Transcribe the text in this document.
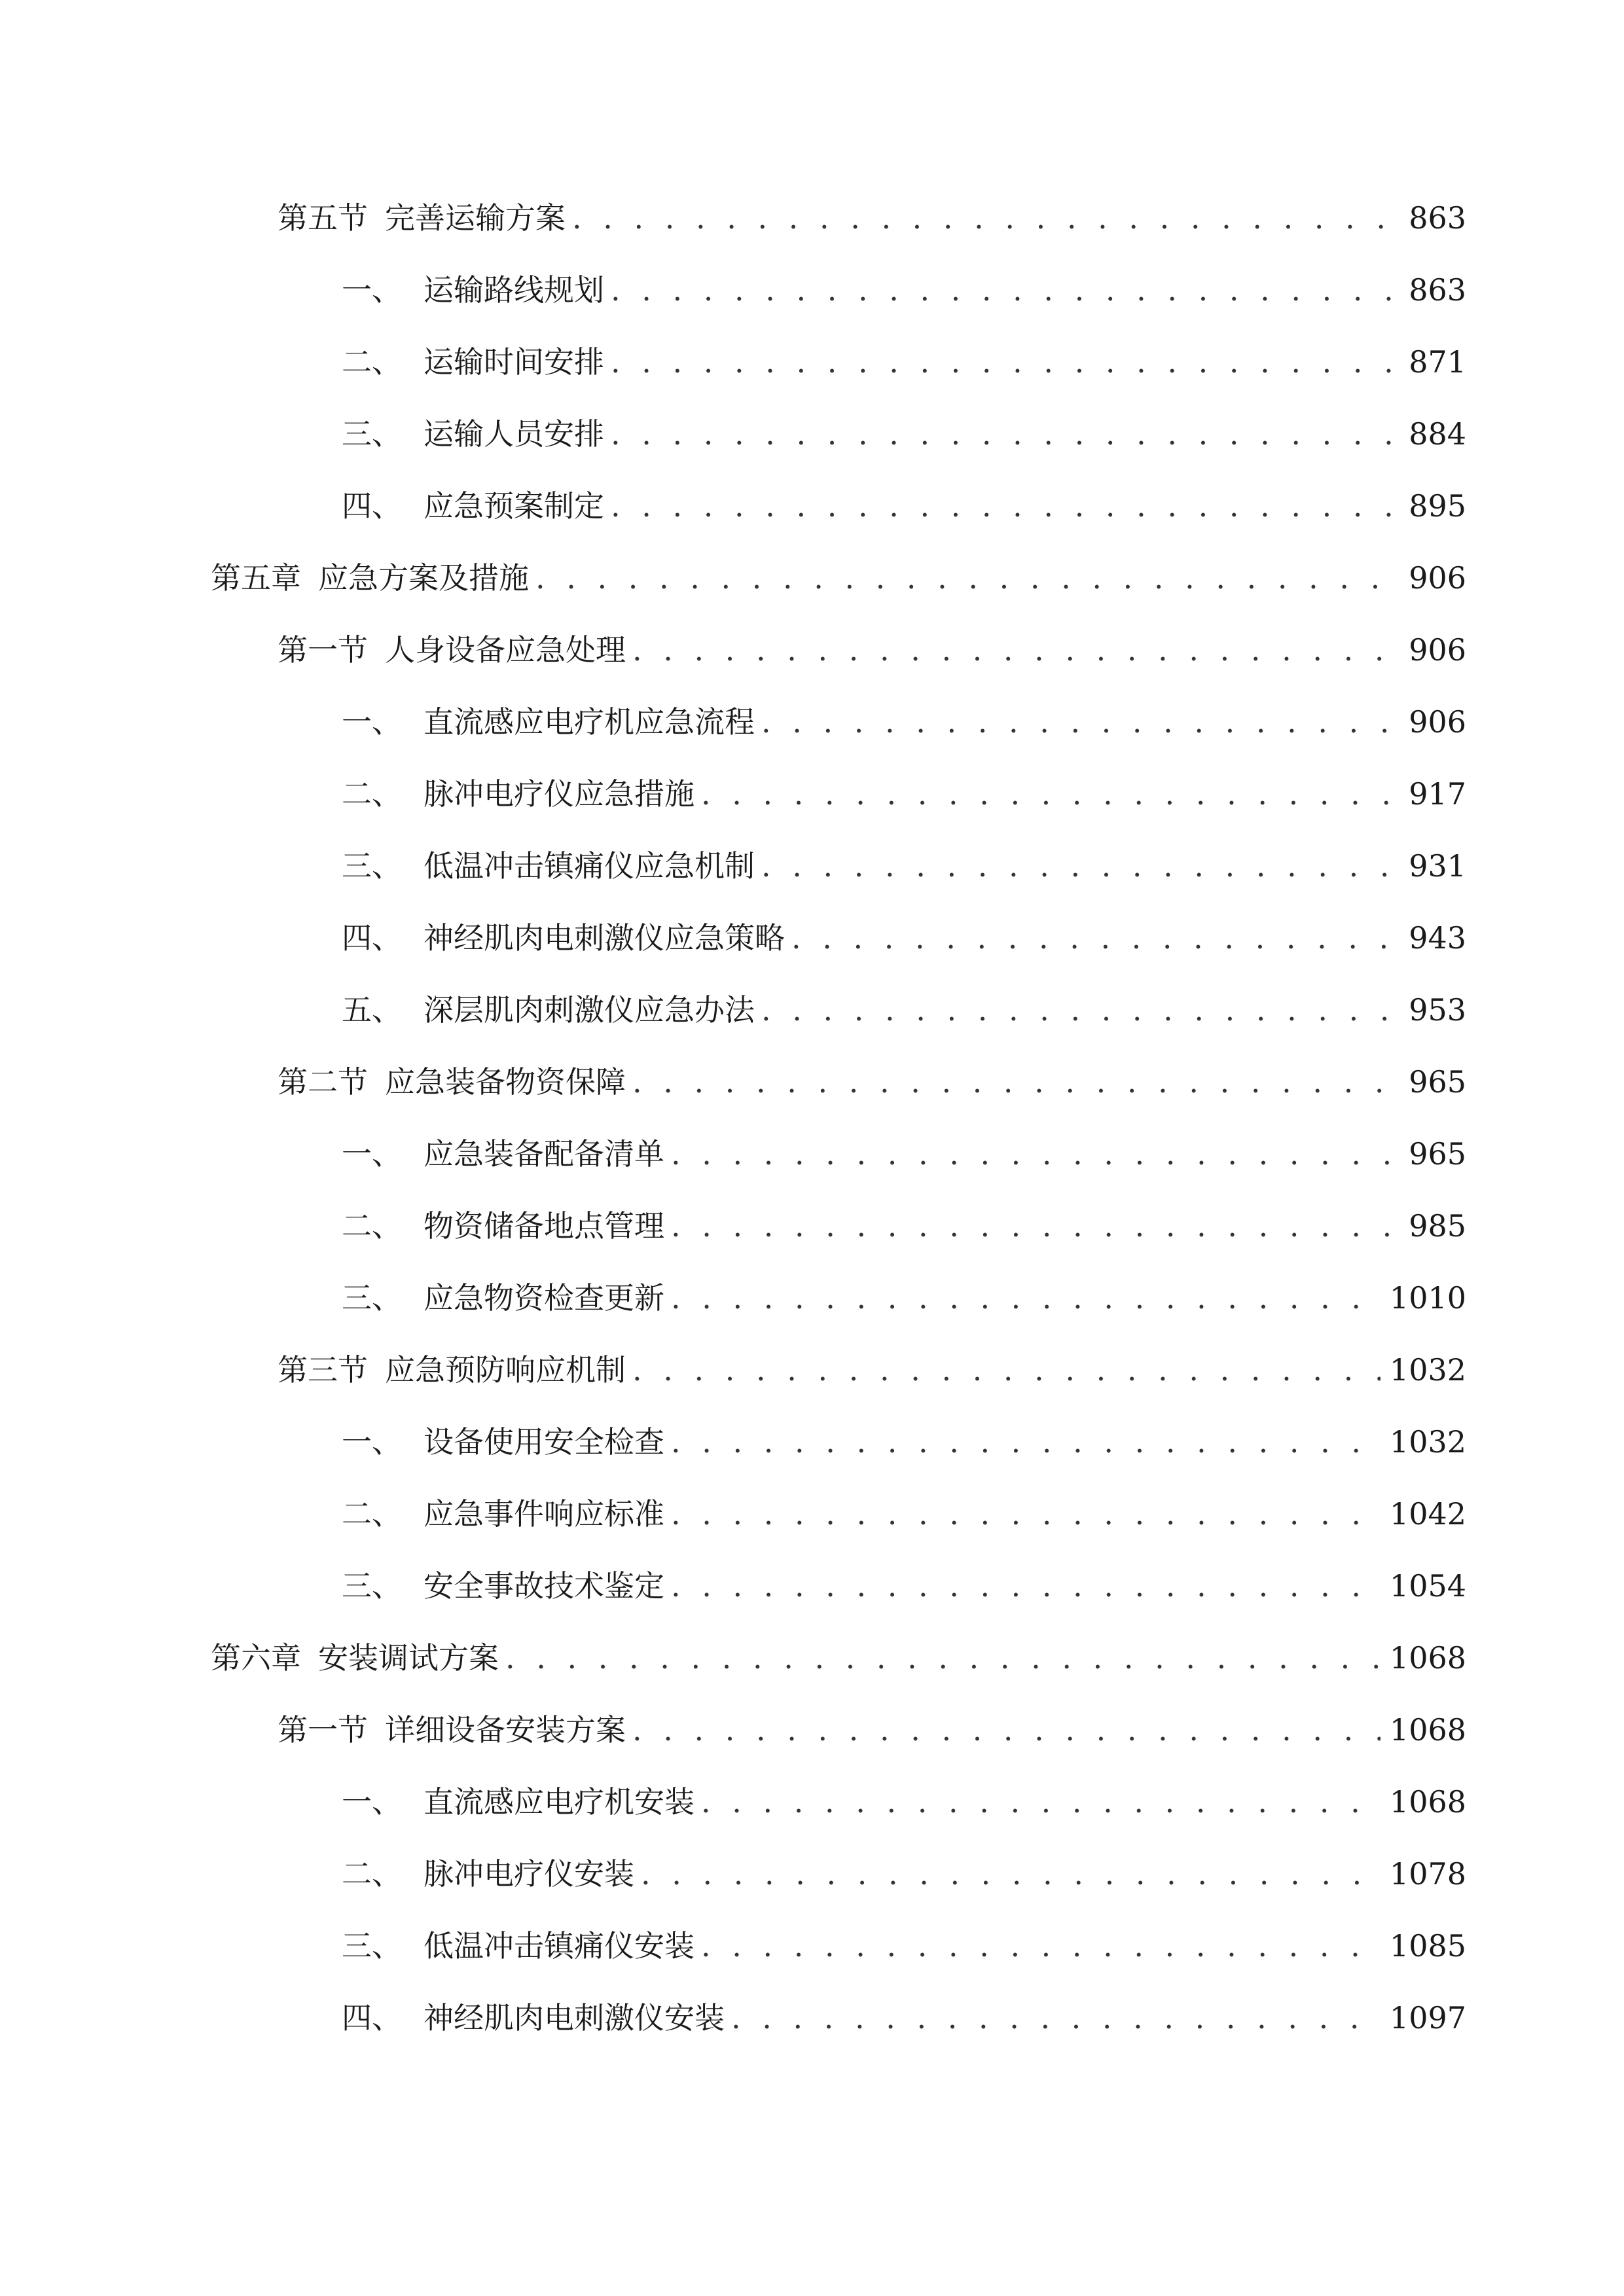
第五节 完善运输方案 . . .	863
一、 运输路线规划 . . .	863
二、 运输时间安排 . . .	871
三、 运输人员安排 . . .	884
四、 应急预案制定 . . .	895
第五章 应急方案及措施 . . .	906
第一节 人身设备应急处理 . . .	906
一、 直流感应电疗机应急流程 . . .	906
二、 脉冲电疗仪应急措施 . . .	917
三、 低温冲击镇痛仪应急机制 . . .	931
四、 神经肌肉电刺激仪应急策略 . . .	943
五、 深层肌肉刺激仪应急办法 . . .	953
第二节 应急装备物资保障 . . .	965
一、 应急装备配备清单 . . .	965
二、 物资储备地点管理 . . .	985
三、 应急物资检查更新 . . .	1010
第三节 应急预防响应机制 . . .	1032
一、 设备使用安全检查 . . .	1032
二、 应急事件响应标准 . . .	1042
三、 安全事故技术鉴定 . . .	1054
第六章 安装调试方案 . . .	1068
第一节 详细设备安装方案 . . .	1068
一、 直流感应电疗机安装 . . .	1068
二、 脉冲电疗仪安装 . . .	1078
三、 低温冲击镇痛仪安装 . . .	1085
四、 神经肌肉电刺激仪安装 . . .	1097
